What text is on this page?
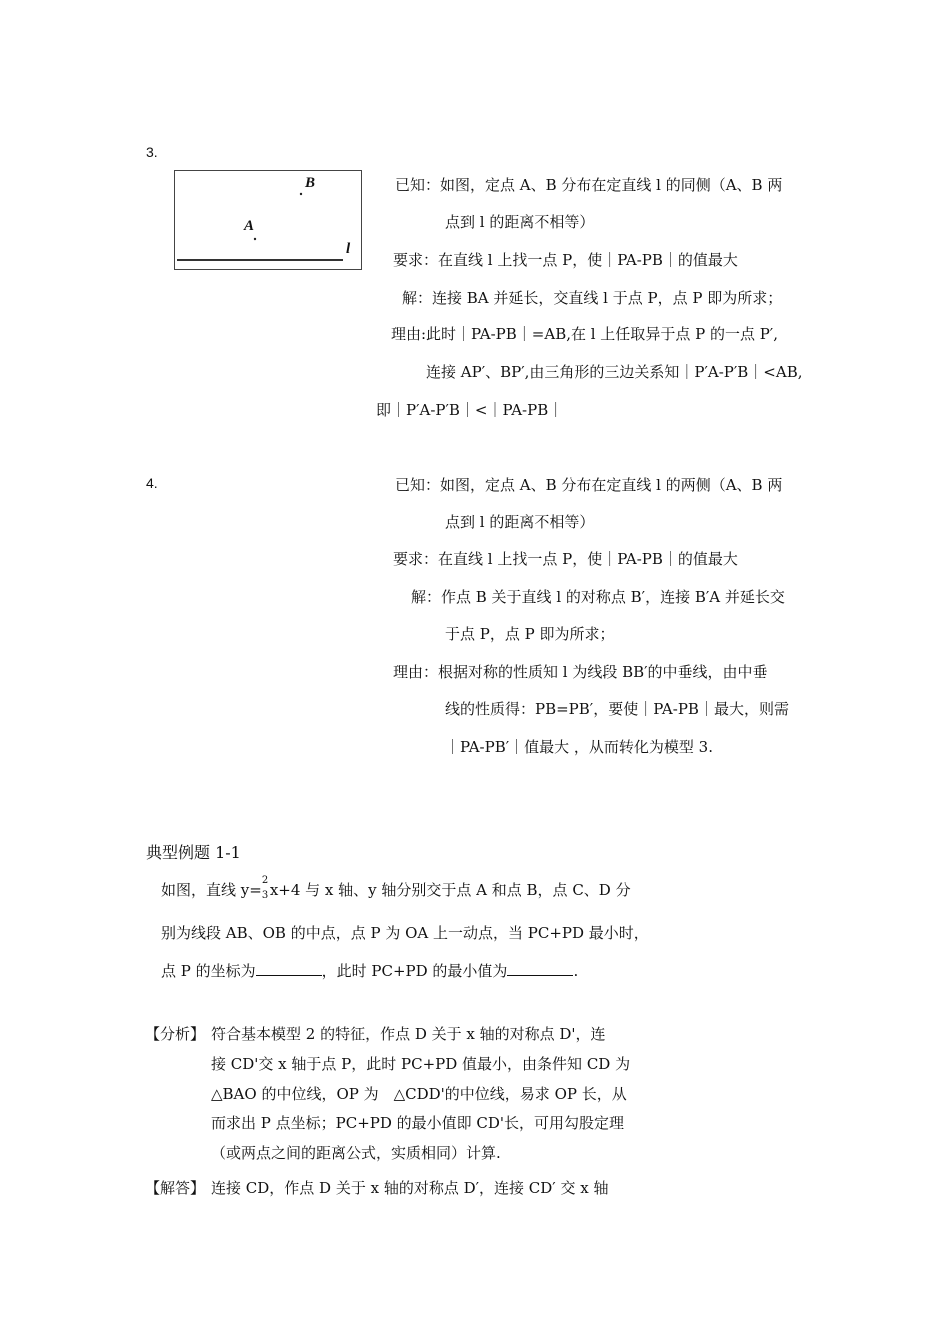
3.
B
A
l
已知：如图，定点 A、B 分布在定直线 l 的同侧（A、B 两
点到 l 的距离不相等）
要求：在直线 l 上找一点 P，使｜PA-PB｜的值最大
解：连接 BA 并延长，交直线 l 于点 P，点 P 即为所求；
理由:此时｜PA-PB｜=AB,在 l 上任取异于点 P 的一点 P′,
连接 AP′、BP′,由三角形的三边关系知｜P′A-P′B｜<AB,
即｜P′A-P′B｜<｜PA-PB｜
4.	已知：如图，定点 A、B 分布在定直线 l 的两侧（A、B 两
点到 l 的距离不相等）
要求：在直线 l 上找一点 P，使｜PA-PB｜的值最大
解：作点 B 关于直线 l 的对称点 B′，连接 B′A 并延长交
于点 P，点 P 即为所求；
理由：根据对称的性质知 l 为线段 BB′的中垂线，由中垂
线的性质得：PB=PB′，要使｜PA-PB｜最大，则需
｜PA-PB′｜值最大 ，从而转化为模型 3.
典型例题 1-1
如图，直线 y=
2
3 x+4 与 x 轴、y 轴分别交于点 A 和点 B，点 C、D 分
别为线段 AB、OB 的中点，点 P 为 OA 上一动点，当 PC+PD 最小时，
点 P 的坐标为	，此时 PC+PD 的最小值为	.
【分析】 符合基本模型 2 的特征，作点 D 关于 x 轴的对称点 D'，连
接 CD'交 x 轴于点 P，此时 PC+PD 值最小，由条件知 CD 为
△BAO 的中位线，OP 为　△CDD'的中位线，易求 OP 长，从
而求出 P 点坐标；PC+PD 的最小值即 CD'长，可用勾股定理
（或两点之间的距离公式，实质相同）计算.
【解答】 连接 CD，作点 D 关于 x 轴的对称点 D′，连接 CD′ 交 x 轴
